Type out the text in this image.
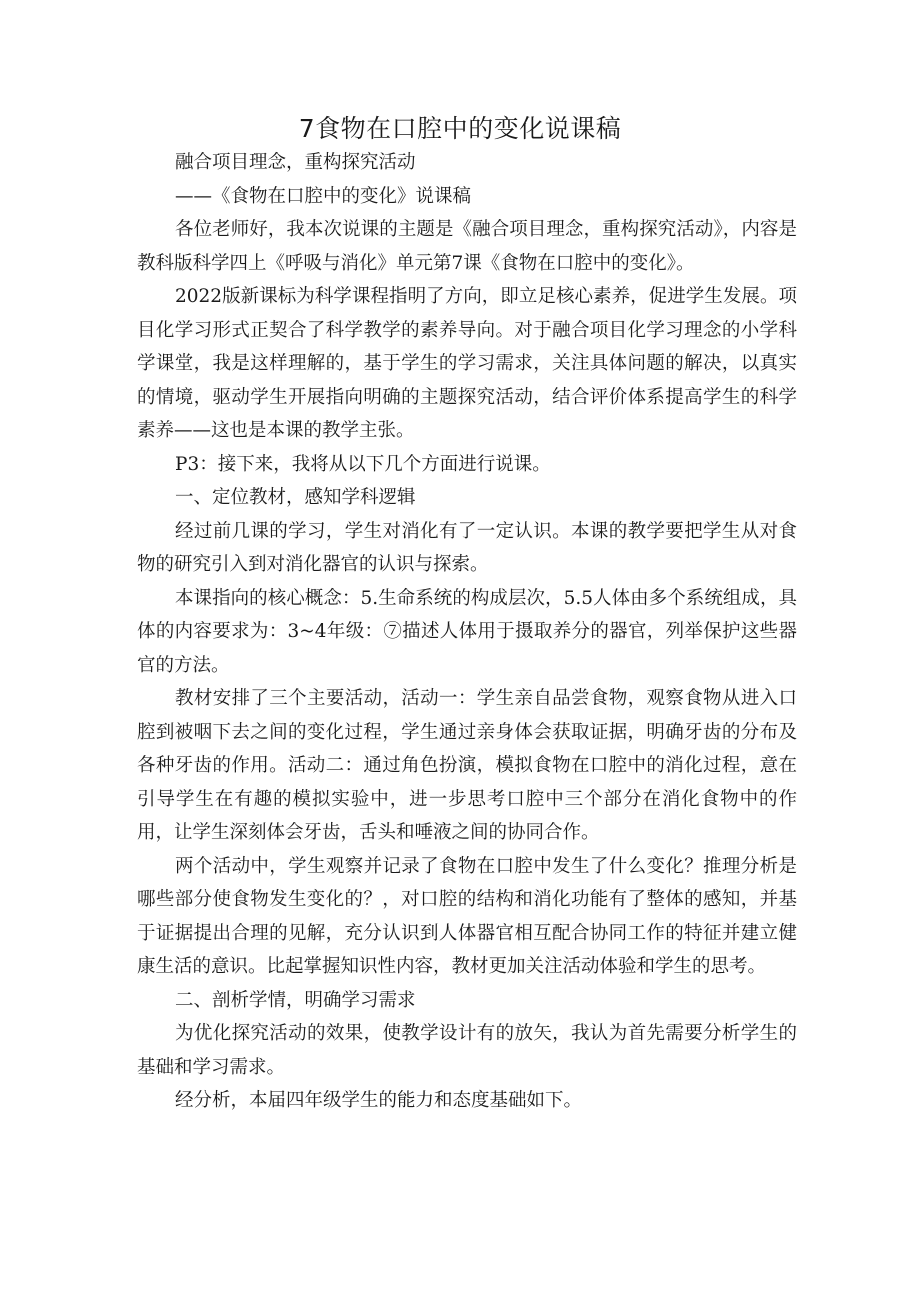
7食物在口腔中的变化说课稿

融合项目理念，重构探究活动

——《食物在口腔中的变化》说课稿

各位老师好，我本次说课的主题是《融合项目理念，重构探究活动》，内容是教科版科学四上《呼吸与消化》单元第7课《食物在口腔中的变化》。

2022版新课标为科学课程指明了方向，即立足核心素养，促进学生发展。项目化学习形式正契合了科学教学的素养导向。对于融合项目化学习理念的小学科学课堂，我是这样理解的，基于学生的学习需求，关注具体问题的解决，以真实的情境，驱动学生开展指向明确的主题探究活动，结合评价体系提高学生的科学素养——这也是本课的教学主张。

P3：接下来，我将从以下几个方面进行说课。

一、定位教材，感知学科逻辑

经过前几课的学习，学生对消化有了一定认识。本课的教学要把学生从对食物的研究引入到对消化器官的认识与探索。

本课指向的核心概念：5.生命系统的构成层次，5.5人体由多个系统组成，具体的内容要求为：3~4年级：⑦描述人体用于摄取养分的器官，列举保护这些器官的方法。

教材安排了三个主要活动，活动一：学生亲自品尝食物，观察食物从进入口腔到被咽下去之间的变化过程，学生通过亲身体会获取证据，明确牙齿的分布及各种牙齿的作用。活动二：通过角色扮演，模拟食物在口腔中的消化过程，意在引导学生在有趣的模拟实验中，进一步思考口腔中三个部分在消化食物中的作用，让学生深刻体会牙齿，舌头和唾液之间的协同合作。

两个活动中，学生观察并记录了食物在口腔中发生了什么变化？推理分析是哪些部分使食物发生变化的？，对口腔的结构和消化功能有了整体的感知，并基于证据提出合理的见解，充分认识到人体器官相互配合协同工作的特征并建立健康生活的意识。比起掌握知识性内容，教材更加关注活动体验和学生的思考。

二、剖析学情，明确学习需求

为优化探究活动的效果，使教学设计有的放矢，我认为首先需要分析学生的基础和学习需求。

经分析，本届四年级学生的能力和态度基础如下。
